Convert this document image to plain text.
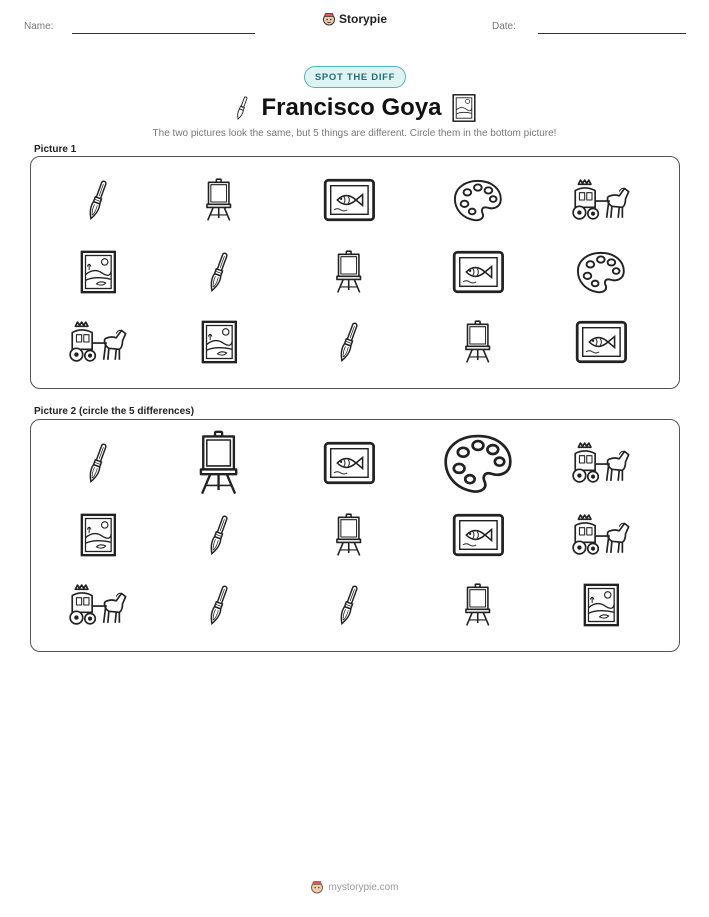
Name:
Storypie
Date:
SPOT THE DIFF
Francisco Goya
The two pictures look the same, but 5 things are different. Circle them in the bottom picture!
Picture 1
Picture 2 (circle the 5 differences)
mystorypie.com
